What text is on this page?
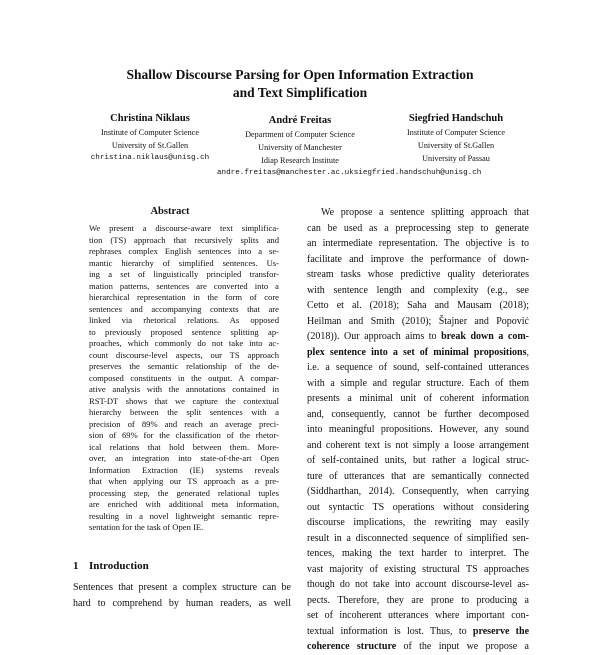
Shallow Discourse Parsing for Open Information Extraction
and Text Simplification
Christina Niklaus
Institute of Computer Science
University of St.Gallen
christina.niklaus@unisg.ch
André Freitas
Department of Computer Science
University of Manchester
Idiap Research Institute
Siegfried Handschuh
Institute of Computer Science
University of St.Gallen
University of Passau
andre.freitas@manchester.ac.uksiegfried.handschuh@unisg.ch
Abstract
We present a discourse-aware text simplifica-
tion (TS) approach that recursively splits and
rephrases complex English sentences into a se-
mantic hierarchy of simplified sentences. Us-
ing a set of linguistically principled transfor-
mation patterns, sentences are converted into a
hierarchical representation in the form of core
sentences and accompanying contexts that are
linked via rhetorical relations. As opposed
to previously proposed sentence splitting ap-
proaches, which commonly do not take into ac-
count discourse-level aspects, our TS approach
preserves the semantic relationship of the de-
composed constituents in the output. A compar-
ative analysis with the annotations contained in
RST-DT shows that we capture the contextual
hierarchy between the split sentences with a
precision of 89% and reach an average preci-
sion of 69% for the classification of the rhetor-
ical relations that hold between them. More-
over, an integration into state-of-the-art Open
Information Extraction (IE) systems reveals
that when applying our TS approach as a pre-
processing step, the generated relational tuples
are enriched with additional meta information,
resulting in a novel lightweight semantic repre-
sentation for the task of Open IE.
1 Introduction
Sentences that present a complex structure can be
hard to comprehend by human readers, as well
We propose a sentence splitting approach that
can be used as a preprocessing step to generate
an intermediate representation. The objective is to
facilitate and improve the performance of down-
stream tasks whose predictive quality deteriorates
with sentence length and complexity (e.g., see
Cetto et al. (2018); Saha and Mausam (2018);
Heilman and Smith (2010); Štajner and Popović
(2018)). Our approach aims to break down a com-
plex sentence into a set of minimal propositions,
i.e. a sequence of sound, self-contained utterances
with a simple and regular structure. Each of them
presents a minimal unit of coherent information
and, consequently, cannot be further decomposed
into meaningful propositions. However, any sound
and coherent text is not simply a loose arrangement
of self-contained units, but rather a logical struc-
ture of utterances that are semantically connected
(Siddharthan, 2014). Consequently, when carrying
out syntactic TS operations without considering
discourse implications, the rewriting may easily
result in a disconnected sequence of simplified sen-
tences, making the text harder to interpret. The
vast majority of existing structural TS approaches
though do not take into account discourse-level as-
pects. Therefore, they are prone to producing a
set of incoherent utterances where important con-
textual information is lost. Thus, to preserve the
coherence structure of the input we propose a
